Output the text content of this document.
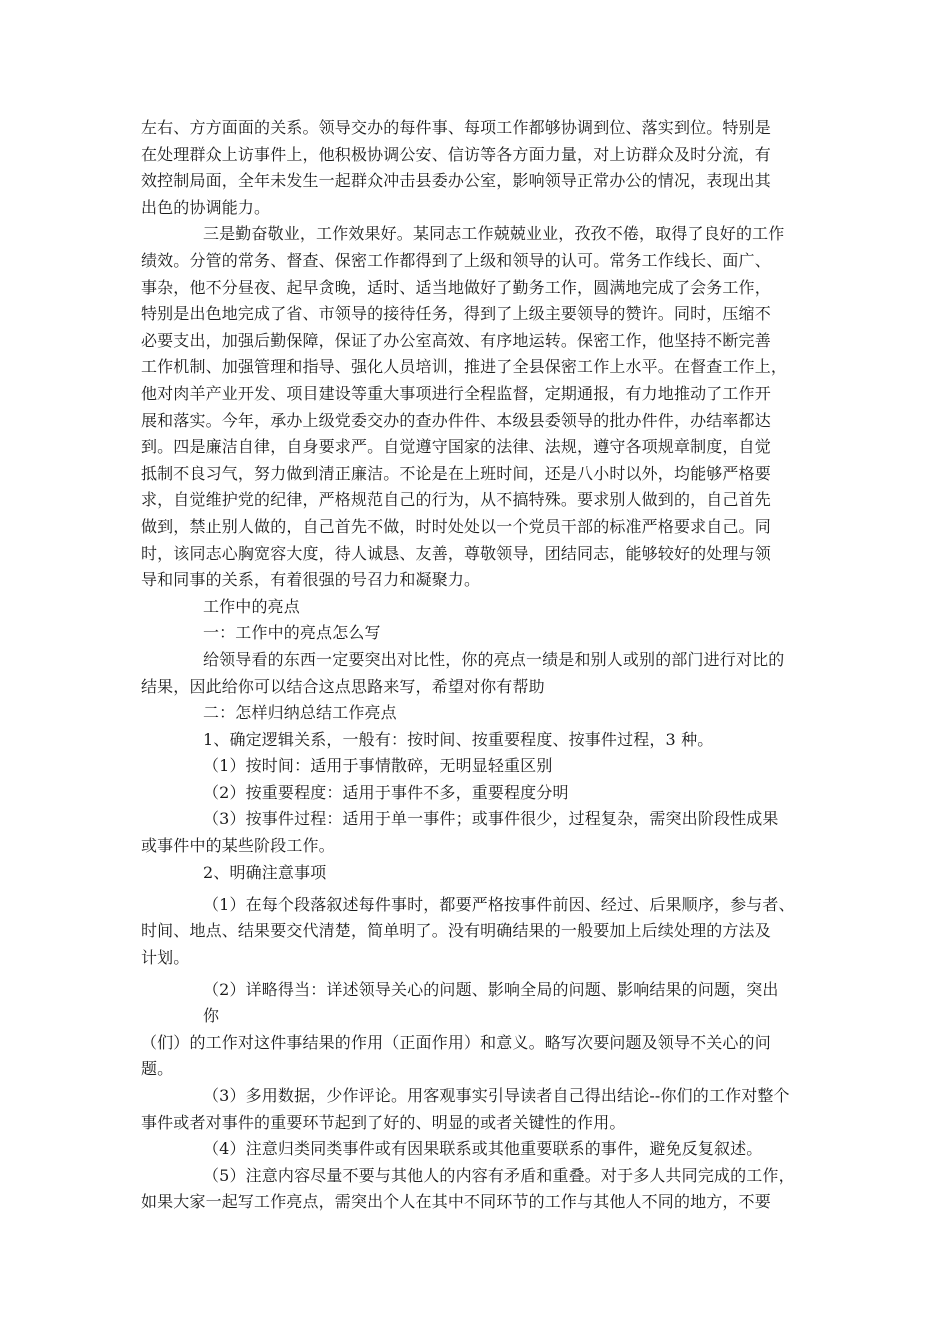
左右、方方面面的关系。领导交办的每件事、每项工作都够协调到位、落实到位。特别是

在处理群众上访事件上，他积极协调公安、信访等各方面力量，对上访群众及时分流，有

效控制局面，全年未发生一起群众冲击县委办公室，影响领导正常办公的情况，表现出其

出色的协调能力。

三是勤奋敬业，工作效果好。某同志工作兢兢业业，孜孜不倦，取得了良好的工作

绩效。分管的常务、督查、保密工作都得到了上级和领导的认可。常务工作线长、面广、

事杂，他不分昼夜、起早贪晚，适时、适当地做好了勤务工作，圆满地完成了会务工作，

特别是出色地完成了省、市领导的接待任务，得到了上级主要领导的赞许。同时，压缩不

必要支出，加强后勤保障，保证了办公室高效、有序地运转。保密工作，他坚持不断完善

工作机制、加强管理和指导、强化人员培训，推进了全县保密工作上水平。在督查工作上，

他对肉羊产业开发、项目建设等重大事项进行全程监督，定期通报，有力地推动了工作开

展和落实。今年，承办上级党委交办的查办件件、本级县委领导的批办件件，办结率都达

到。四是廉洁自律，自身要求严。自觉遵守国家的法律、法规，遵守各项规章制度，自觉

抵制不良习气，努力做到清正廉洁。不论是在上班时间，还是八小时以外，均能够严格要

求，自觉维护党的纪律，严格规范自己的行为，从不搞特殊。要求别人做到的，自己首先

做到，禁止别人做的，自己首先不做，时时处处以一个党员干部的标准严格要求自己。同

时，该同志心胸宽容大度，待人诚恳、友善，尊敬领导，团结同志，能够较好的处理与领

导和同事的关系，有着很强的号召力和凝聚力。

工作中的亮点

一：工作中的亮点怎么写

给领导看的东西一定要突出对比性，你的亮点一绩是和别人或别的部门进行对比的

结果，因此给你可以结合这点思路来写，希望对你有帮助

二：怎样归纳总结工作亮点

1、确定逻辑关系，一般有：按时间、按重要程度、按事件过程，3 种。

（1）按时间：适用于事情散碎，无明显轻重区别

（2）按重要程度：适用于事件不多，重要程度分明

（3）按事件过程：适用于单一事件；或事件很少，过程复杂，需突出阶段性成果

或事件中的某些阶段工作。

2、明确注意事项

（1）在每个段落叙述每件事时，都要严格按事件前因、经过、后果顺序，参与者、

时间、地点、结果要交代清楚，简单明了。没有明确结果的一般要加上后续处理的方法及

计划。

（2）详略得当：详述领导关心的问题、影响全局的问题、影响结果的问题，突出

你

（们）的工作对这件事结果的作用（正面作用）和意义。略写次要问题及领导不关心的问

题。

（3）多用数据，少作评论。用客观事实引导读者自己得出结论--你们的工作对整个

事件或者对事件的重要环节起到了好的、明显的或者关键性的作用。

（4）注意归类同类事件或有因果联系或其他重要联系的事件，避免反复叙述。

（5）注意内容尽量不要与其他人的内容有矛盾和重叠。对于多人共同完成的工作，

如果大家一起写工作亮点，需突出个人在其中不同环节的工作与其他人不同的地方，不要
